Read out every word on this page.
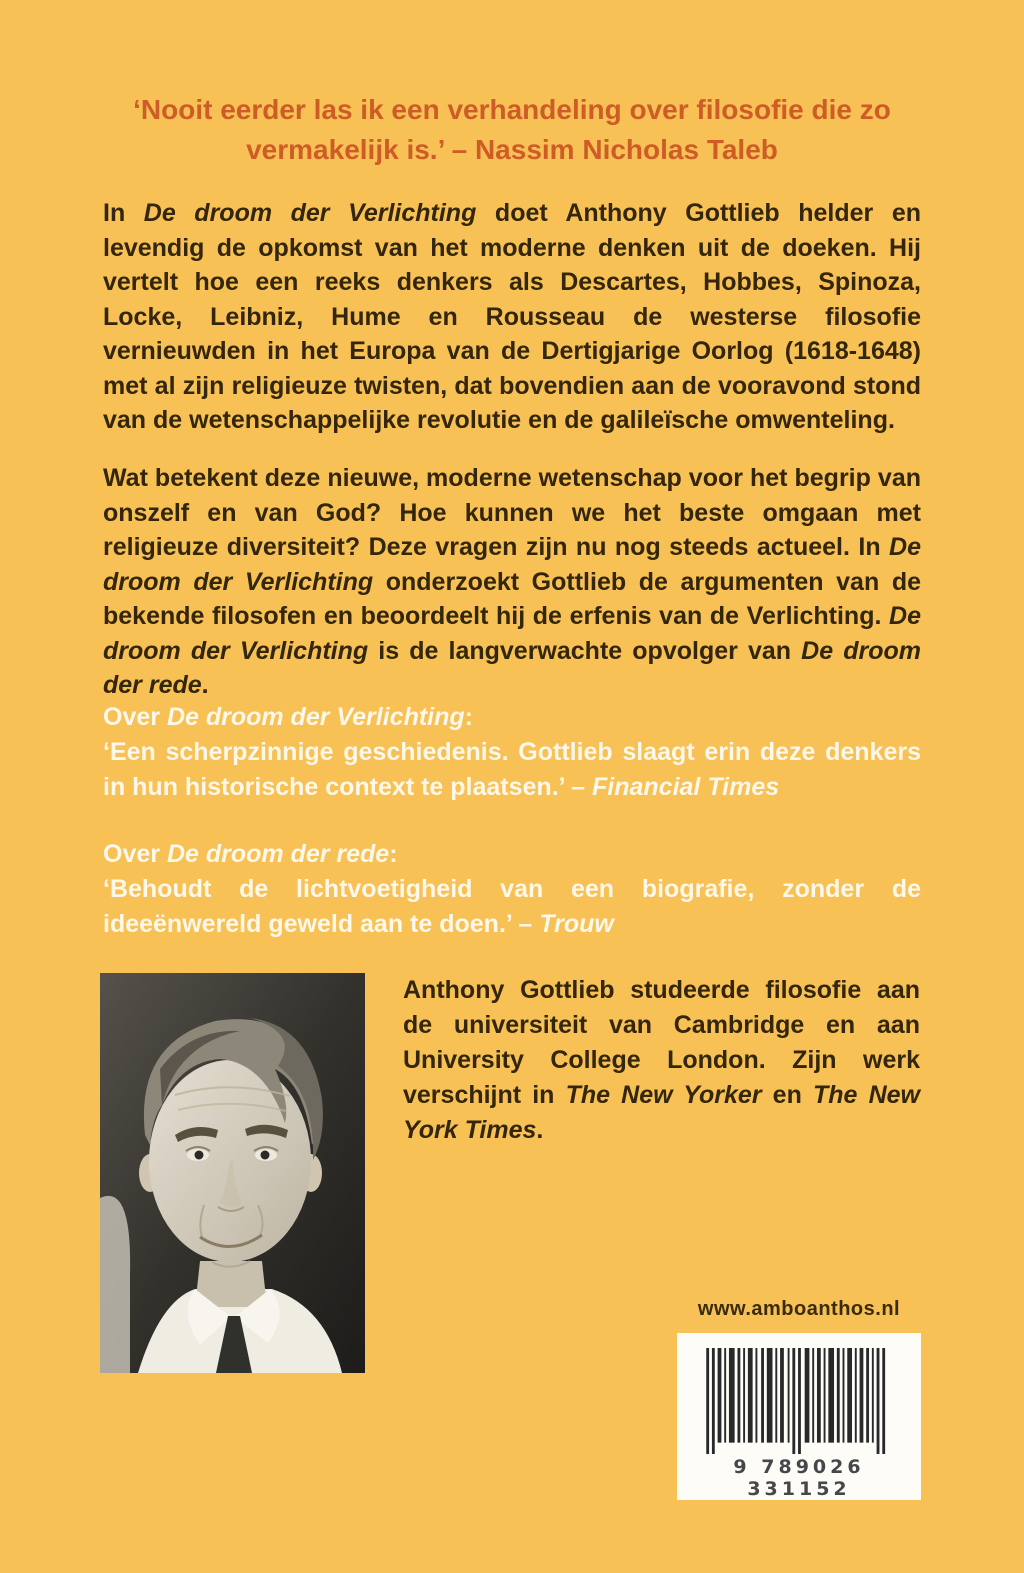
‘Nooit eerder las ik een verhandeling over filosofie die zo vermakelijk is.’ – Nassim Nicholas Taleb
In De droom der Verlichting doet Anthony Gottlieb helder en levendig de opkomst van het moderne denken uit de doeken. Hij vertelt hoe een reeks denkers als Descartes, Hobbes, Spinoza, Locke, Leibniz, Hume en Rousseau de westerse filosofie vernieuwden in het Europa van de Dertigjarige Oorlog (1618-1648) met al zijn religieuze twisten, dat bovendien aan de vooravond stond van de wetenschappelijke revolutie en de galileïsche omwenteling.
Wat betekent deze nieuwe, moderne wetenschap voor het begrip van onszelf en van God? Hoe kunnen we het beste omgaan met religieuze diversiteit? Deze vragen zijn nu nog steeds actueel. In De droom der Verlichting onderzoekt Gottlieb de argumenten van de bekende filosofen en beoordeelt hij de erfenis van de Verlichting. De droom der Verlichting is de langverwachte opvolger van De droom der rede.
Over De droom der Verlichting:
‘Een scherpzinnige geschiedenis. Gottlieb slaagt erin deze denkers in hun historische context te plaatsen.’ – Financial Times
Over De droom der rede:
‘Behoudt de lichtvoetigheid van een biografie, zonder de ideeënwereld geweld aan te doen.’ – Trouw
Anthony Gottlieb studeerde filosofie aan de universiteit van Cambridge en aan University College London. Zijn werk verschijnt in The New Yorker en The New York Times.
www.amboanthos.nl
9 789026 331152
